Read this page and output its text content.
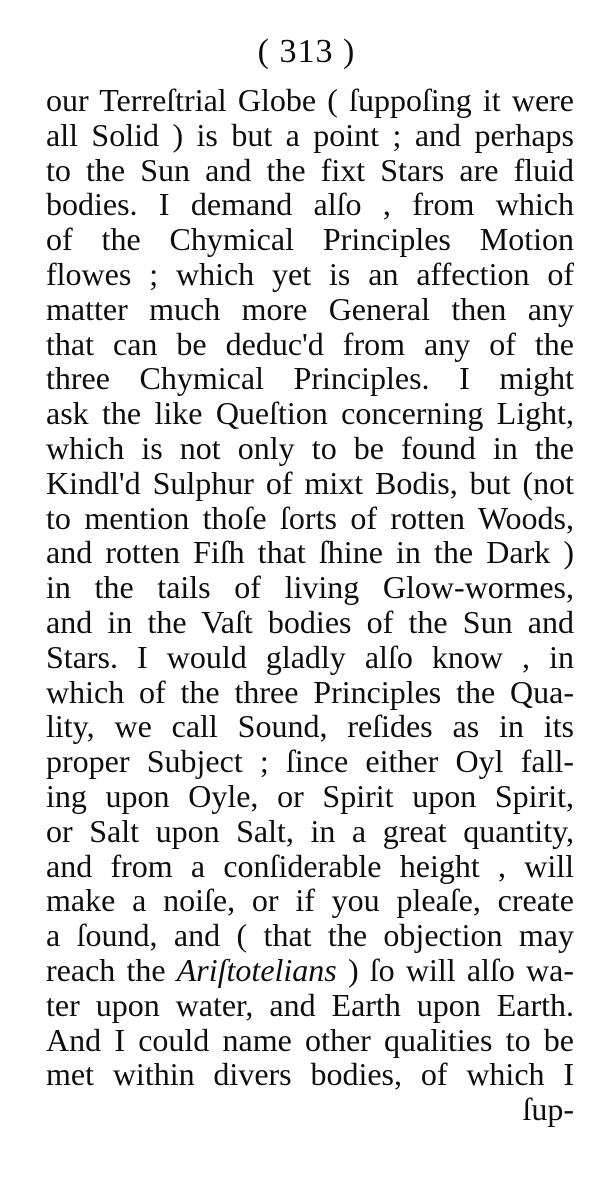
( 313 )
our Terreſtrial Globe ( ſuppoſing it were
all Solid ) is but a point ; and perhaps
to the Sun and the fixt Stars are fluid
bodies. I demand alſo , from which
of the Chymical Principles Motion
flowes ; which yet is an affection of
matter much more General then any
that can be deduc'd from any of the
three Chymical Principles. I might
ask the like Queſtion concerning Light,
which is not only to be found in the
Kindl'd Sulphur of mixt Bodis, but (not
to mention thoſe ſorts of rotten Woods,
and rotten Fiſh that ſhine in the Dark )
in the tails of living Glow-wormes,
and in the Vaſt bodies of the Sun and
Stars. I would gladly alſo know , in
which of the three Principles the Qua-
lity, we call Sound, reſides as in its
proper Subject ; ſince either Oyl fall-
ing upon Oyle, or Spirit upon Spirit,
or Salt upon Salt, in a great quantity,
and from a conſiderable height , will
make a noiſe, or if you pleaſe, create
a ſound, and ( that the objection may
reach the Ariſtotelians ) ſo will alſo wa-
ter upon water, and Earth upon Earth.
And I could name other qualities to be
met within divers bodies, of which I
ſup-
